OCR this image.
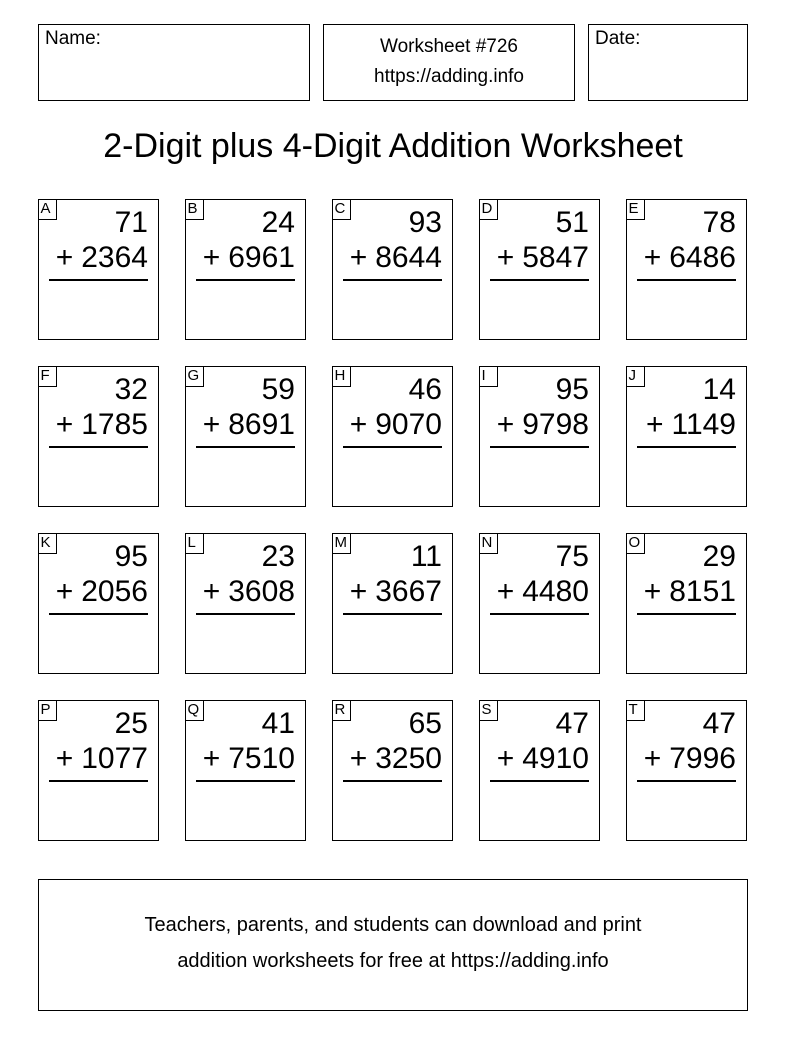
Name:	Worksheet #726
https://adding.info
Date:
2-Digit plus 4-Digit Addition Worksheet
A 71
+ 2364
B 24
+ 6961
C 93
+ 8644
D 51
+ 5847
E 78
+ 6486
F 32
+ 1785
G 59
+ 8691
H 46
+ 9070
I	95
+ 9798
J 14
+ 1149
K 95
+ 2056
L 23
+ 3608
M 11
+ 3667
N 75
+ 4480
O 29
+ 8151
P 25
+ 1077
Q 41
+ 7510
R 65
+ 3250
S 47
+ 4910
T 47
+ 7996
Teachers, parents, and students can download and print
addition worksheets for free at https://adding.info
